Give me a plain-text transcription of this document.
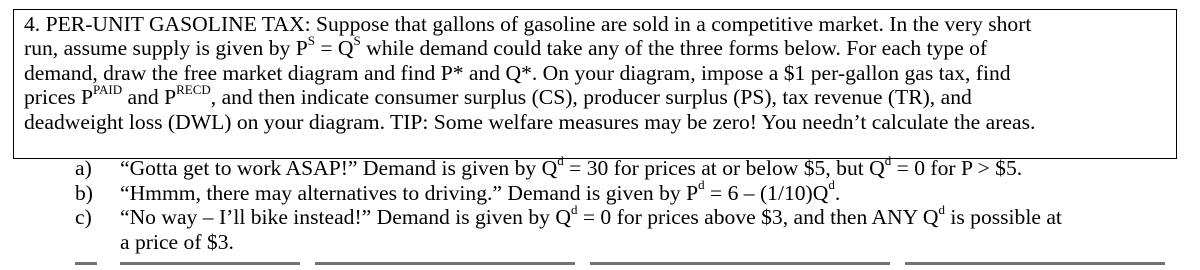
4. PER-UNIT GASOLINE TAX: Suppose that gallons of gasoline are sold in a competitive market. In the very short
run, assume supply is given by $P^S = Q^S$ while demand could take any of the three forms below. For each type of
demand, draw the free market diagram and find P* and Q*. On your diagram, impose a $1 per-gallon gas tax, find
prices $P^{PAID}$ and $P^{RECD}$, and then indicate consumer surplus (CS), producer surplus (PS), tax revenue (TR), and
deadweight loss (DWL) on your diagram. TIP: Some welfare measures may be zero! You needn’t calculate the areas.
a)	“Gotta get to work ASAP!” Demand is given by $Q^d = 30$ for prices at or below $5, but $Q^d = 0$ for P > $5.
b)	“Hmmm, there may alternatives to driving.” Demand is given by $P^d = 6 - (1/10)Q^d$.
c)	“No way – I’ll bike instead!” Demand is given by $Q^d = 0$ for prices above $3, and then ANY $Q^d$ is possible at
a price of $3.
